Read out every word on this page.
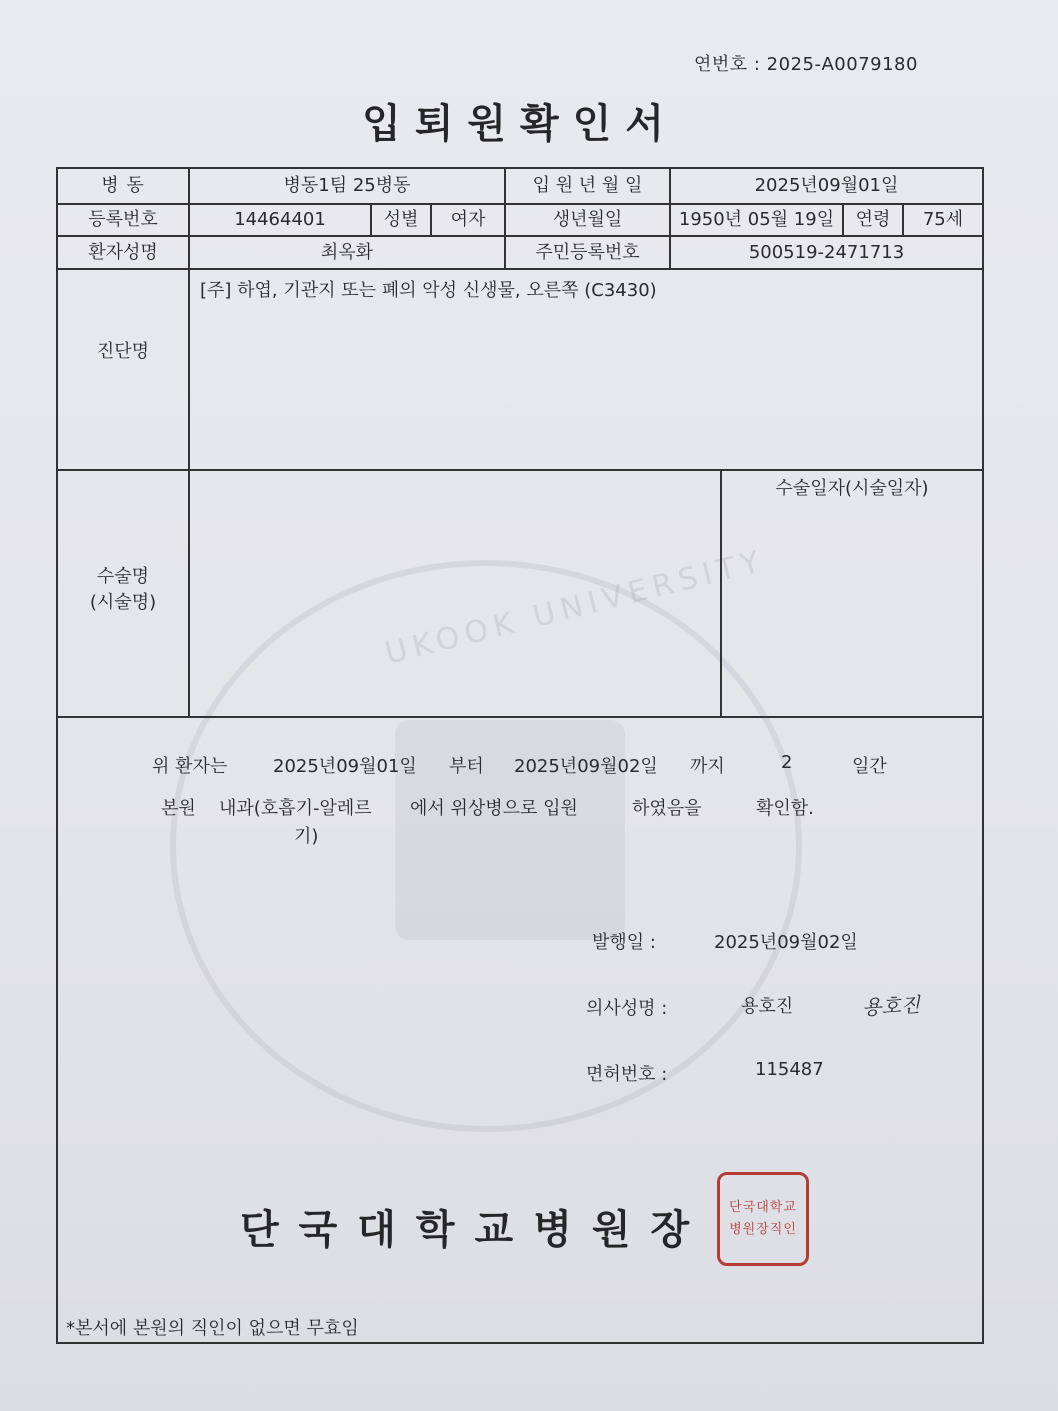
연번호 : 2025-A0079180
입퇴원확인서
UKOOK UNIVERSITY
병 동	병동1팀 25병동	입 원 년 월 일	2025년09월01일
등록번호	14464401	성별	여자	생년월일	1950년 05월 19일	연령	75세
환자성명	최옥화	주민등록번호	500519-2471713
진단명
[주] 하엽, 기관지 또는 폐의 악성 신생물, 오른쪽 (C3430)
수술명
(시술명)
수술일자(시술일자)
위 환자는	2025년09월01일 부터 2025년09월02일 까지	2	일간
본원 내과(호흡기-알레르
기)
에서 위상병으로 입원	하였음을	확인함.
발행일 :	2025년09월02일
의사성명 :	용호진	용호진
면허번호 :	115487
단국대학교병원장	단국대학교병원장직인
*본서에 본원의 직인이 없으면 무효임
